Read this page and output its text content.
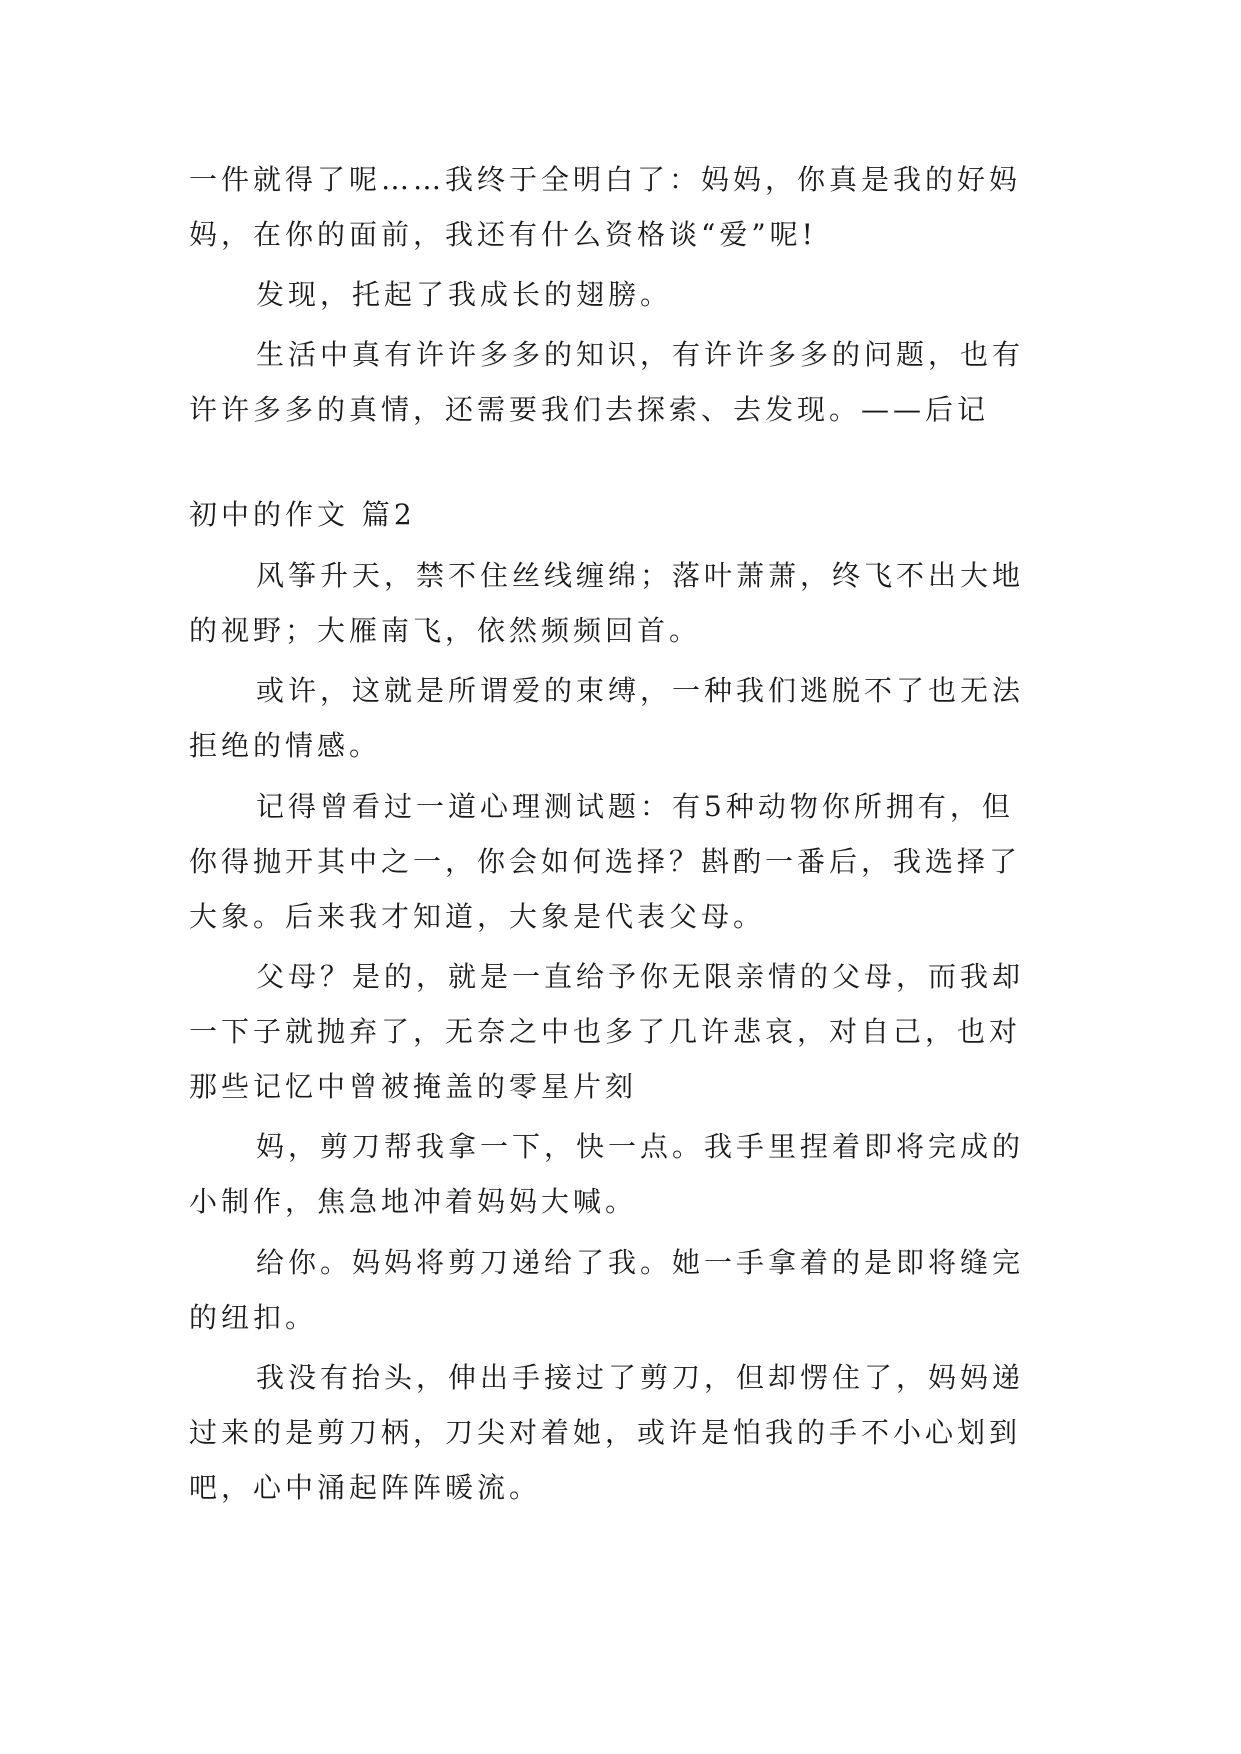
一件就得了呢……我终于全明白了：妈妈，你真是我的好妈
妈，在你的面前，我还有什么资格谈“爱”呢!
发现，托起了我成长的翅膀。
生活中真有许许多多的知识，有许许多多的问题，也有
许许多多的真情，还需要我们去探索、去发现。——后记
初中的作文 篇2
风筝升天，禁不住丝线缠绵；落叶萧萧，终飞不出大地
的视野；大雁南飞，依然频频回首。
或许，这就是所谓爱的束缚，一种我们逃脱不了也无法
拒绝的情感。
记得曾看过一道心理测试题：有5种动物你所拥有，但
你得抛开其中之一，你会如何选择？斟酌一番后，我选择了
大象。后来我才知道，大象是代表父母。
父母？是的，就是一直给予你无限亲情的父母，而我却
一下子就抛弃了，无奈之中也多了几许悲哀，对自己，也对
那些记忆中曾被掩盖的零星片刻
妈，剪刀帮我拿一下，快一点。我手里捏着即将完成的
小制作，焦急地冲着妈妈大喊。
给你。妈妈将剪刀递给了我。她一手拿着的是即将缝完
的纽扣。
我没有抬头，伸出手接过了剪刀，但却愣住了，妈妈递
过来的是剪刀柄，刀尖对着她，或许是怕我的手不小心划到
吧，心中涌起阵阵暖流。
